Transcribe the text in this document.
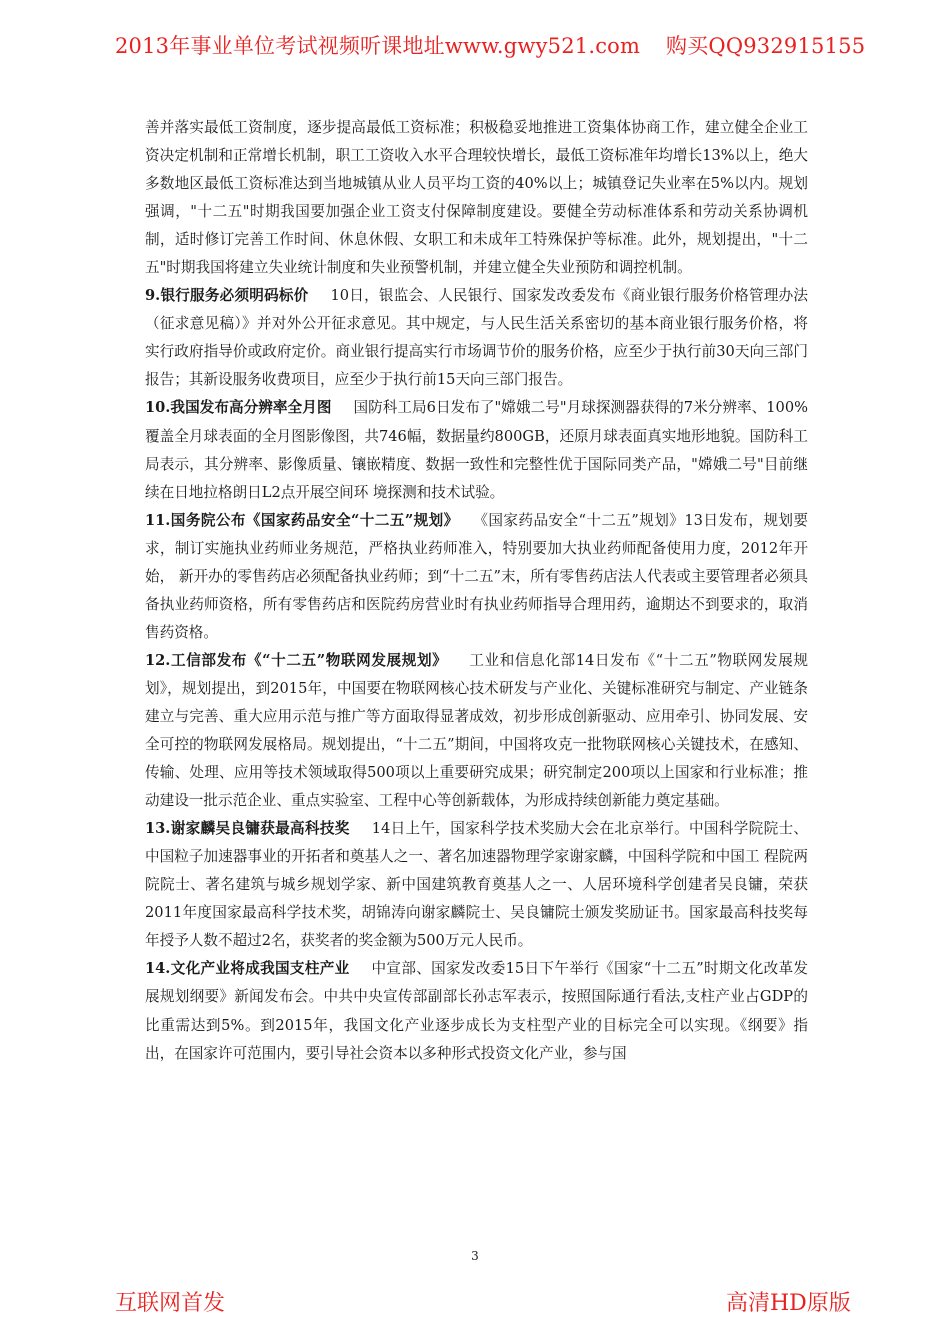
2013年事业单位考试视频听课地址www.gwy521.com 购买QQ932915155

善并落实最低工资制度，逐步提高最低工资标准；积极稳妥地推进工资集体协商工作，建立健全企业工资决定机制和正常增长机制，职工工资收入水平合理较快增长，最低工资标准年均增长13%以上，绝大多数地区最低工资标准达到当地城镇从业人员平均工资的40%以上；城镇登记失业率在5%以内。规划强调，"十二五"时期我国要加强企业工资支付保障制度建设。要健全劳动标准体系和劳动关系协调机制，适时修订完善工作时间、休息休假、女职工和未成年工特殊保护等标准。此外，规划提出，"十二五"时期我国将建立失业统计制度和失业预警机制，并建立健全失业预防和调控机制。

9.银行服务必须明码标价 10日，银监会、人民银行、国家发改委发布《商业银行服务价格管理办法（征求意见稿）》并对外公开征求意见。其中规定，与人民生活关系密切的基本商业银行服务价格，将实行政府指导价或政府定价。商业银行提高实行市场调节价的服务价格，应至少于执行前30天向三部门报告；其新设服务收费项目，应至少于执行前15天向三部门报告。

10.我国发布高分辨率全月图 国防科工局6日发布了"嫦娥二号"月球探测器获得的7米分辨率、100%覆盖全月球表面的全月图影像图，共746幅，数据量约800GB，还原月球表面真实地形地貌。国防科工局表示，其分辨率、影像质量、镶嵌精度、数据一致性和完整性优于国际同类产品，"嫦娥二号"目前继续在日地拉格朗日L2点开展空间环 境探测和技术试验。

11.国务院公布《国家药品安全“十二五”规划》 《国家药品安全“十二五”规划》13日发布，规划要求，制订实施执业药师业务规范，严格执业药师准入，特别要加大执业药师配备使用力度，2012年开始， 新开办的零售药店必须配备执业药师；到“十二五”末，所有零售药店法人代表或主要管理者必须具备执业药师资格，所有零售药店和医院药房营业时有执业药师指导合理用药，逾期达不到要求的，取消售药资格。

12.工信部发布《“十二五”物联网发展规划》 工业和信息化部14日发布《“十二五”物联网发展规划》，规划提出，到2015年，中国要在物联网核心技术研发与产业化、关键标准研究与制定、产业链条建立与完善、重大应用示范与推广等方面取得显著成效，初步形成创新驱动、应用牵引、协同发展、安全可控的物联网发展格局。规划提出，“十二五”期间，中国将攻克一批物联网核心关键技术，在感知、传输、处理、应用等技术领域取得500项以上重要研究成果；研究制定200项以上国家和行业标准；推动建设一批示范企业、重点实验室、工程中心等创新载体，为形成持续创新能力奠定基础。

13.谢家麟吴良镛获最高科技奖 14日上午，国家科学技术奖励大会在北京举行。中国科学院院士、中国粒子加速器事业的开拓者和奠基人之一、著名加速器物理学家谢家麟，中国科学院和中国工 程院两院院士、著名建筑与城乡规划学家、新中国建筑教育奠基人之一、人居环境科学创建者吴良镛，荣获2011年度国家最高科学技术奖，胡锦涛向谢家麟院士、吴良镛院士颁发奖励证书。国家最高科技奖每年授予人数不超过2名，获奖者的奖金额为500万元人民币。

14.文化产业将成我国支柱产业 中宣部、国家发改委15日下午举行《国家“十二五”时期文化改革发展规划纲要》新闻发布会。中共中央宣传部副部长孙志军表示，按照国际通行看法,支柱产业占GDP的比重需达到5%。到2015年，我国文化产业逐步成长为支柱型产业的目标完全可以实现。《纲要》指出，在国家许可范围内，要引导社会资本以多种形式投资文化产业，参与国

3
互联网首发	高清HD原版
